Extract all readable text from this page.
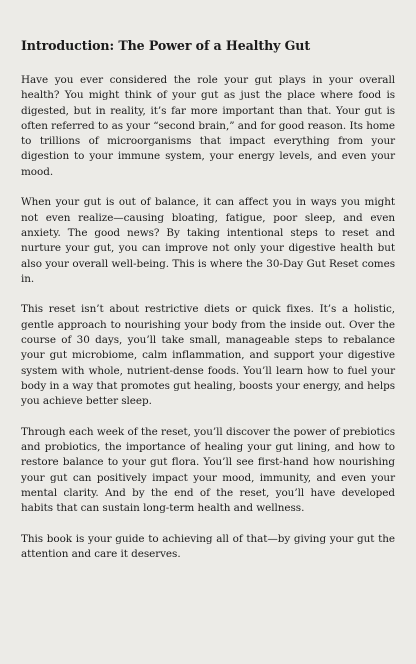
Introduction: The Power of a Healthy Gut

Have you ever considered the role your gut plays in your overall health? You might think of your gut as just the place where food is digested, but in reality, it’s far more important than that. Your gut is often referred to as your “second brain,” and for good reason. Its home to trillions of microorganisms that impact everything from your digestion to your immune system, your energy levels, and even your mood.

When your gut is out of balance, it can affect you in ways you might not even realize—causing bloating, fatigue, poor sleep, and even anxiety. The good news? By taking intentional steps to reset and nurture your gut, you can improve not only your digestive health but also your overall well-being. This is where the 30-Day Gut Reset comes in.

This reset isn’t about restrictive diets or quick fixes. It’s a holistic, gentle approach to nourishing your body from the inside out. Over the course of 30 days, you’ll take small, manageable steps to rebalance your gut microbiome, calm inflammation, and support your digestive system with whole, nutrient-dense foods. You’ll learn how to fuel your body in a way that promotes gut healing, boosts your energy, and helps you achieve better sleep.

Through each week of the reset, you’ll discover the power of prebiotics and probiotics, the importance of healing your gut lining, and how to restore balance to your gut flora. You’ll see first-hand how nourishing your gut can positively impact your mood, immunity, and even your mental clarity. And by the end of the reset, you’ll have developed habits that can sustain long-term health and wellness.

This book is your guide to achieving all of that—by giving your gut the attention and care it deserves.
